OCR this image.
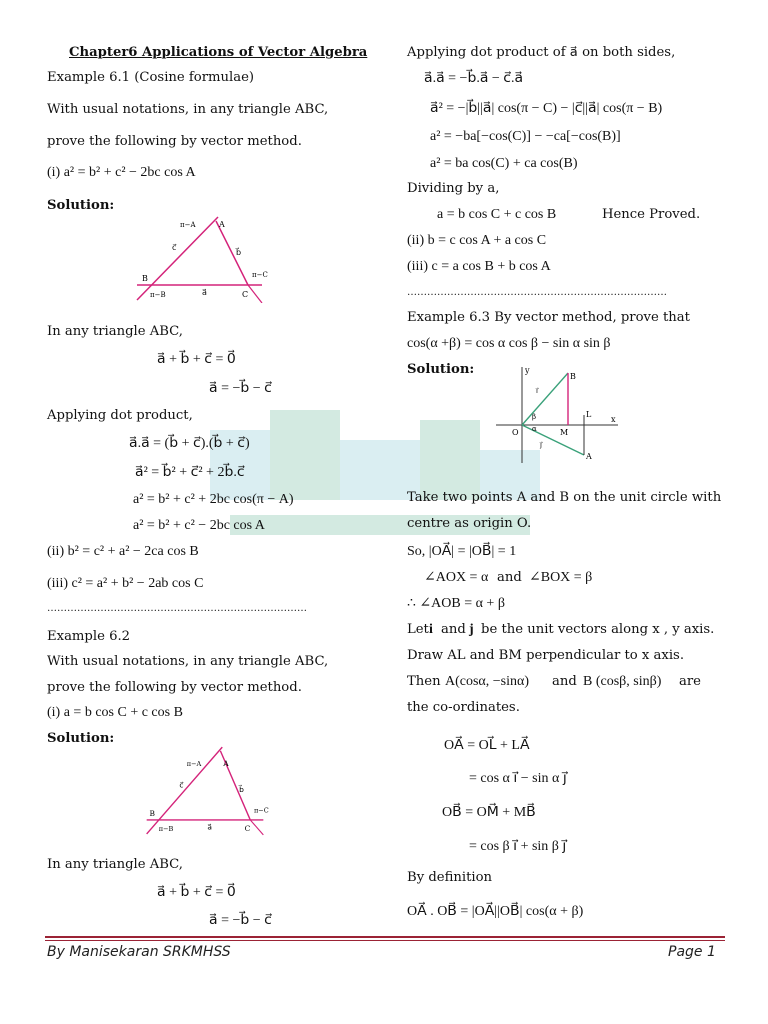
Chapter6 Applications of Vector Algebra
Example 6.1 (Cosine formulae)
With usual notations, in any triangle ABC,
prove the following by vector method.
(i) a² = b² + c² − 2bc cos A
Solution:
A
π−A
B
π−B	C
π−C
a⃗
b⃗
c⃗
In any triangle ABC,
a⃗ + b⃗ + c⃗ = 0⃗
a⃗ = −b⃗ − c⃗
Applying dot product,
a⃗.a⃗ = (b⃗ + c⃗).(b⃗ + c⃗)
a⃗² = b⃗² + c⃗² + 2b⃗.c⃗
a² = b² + c² + 2bc cos(π − A)
a² = b² + c² − 2bc cos A
(ii) b² = c² + a² − 2ca cos B
(iii) c² = a² + b² − 2ab cos C
……………………………………………………………………
Example 6.2
With usual notations, in any triangle ABC,
prove the following by vector method.
(i) a = b cos C + c cos B
Solution:
A
π−A
B
π−B	C
π−C
a⃗
b⃗
c⃗
In any triangle ABC,
a⃗ + b⃗ + c⃗ = 0⃗
a⃗ = −b⃗ − c⃗
Applying dot product of a⃗ on both sides,
a⃗.a⃗ = −b⃗.a⃗ − c⃗.a⃗
a⃗² = −|b⃗||a⃗| cos(π − C) − |c⃗||a⃗| cos(π − B)
a² = −ba[−cos(C)] − −ca[−cos(B)]
a² = ba cos(C) + ca cos(B)
Dividing by a,
a = b cos C + c cos B	Hence Proved.
(ii) b = c cos A + a cos C
(iii) c = a cos B + b cos A
……………………………………………………………………
Example 6.3 By vector method, prove that
cos(α +β) = cos α cos β − sin α sin β
Solution:	y
x
O
B
A
L
M
α
β
i⃗
j⃗
Take two points A and B on the unit circle with
centre as origin O.
So, |OA⃗| = |OB⃗| = 1
∠AOX = α and ∠BOX = β
∴ ∠AOB = α + β
Let i⃗
and j⃗
be the unit vectors along x , y axis.
Draw AL and BM perpendicular to x axis.
Then A(cosα, −sinα) and B (cosβ, sinβ) are
the co-ordinates.
OA⃗ = OL⃗ + LA⃗
= cos α i⃗ − sin α j⃗
OB⃗ = OM⃗ + MB⃗
= cos β i⃗ + sin β j⃗
By definition
OA⃗ . OB⃗ = |OA⃗||OB⃗| cos(α + β)
By Manisekaran SRKMHSS	Page 1
